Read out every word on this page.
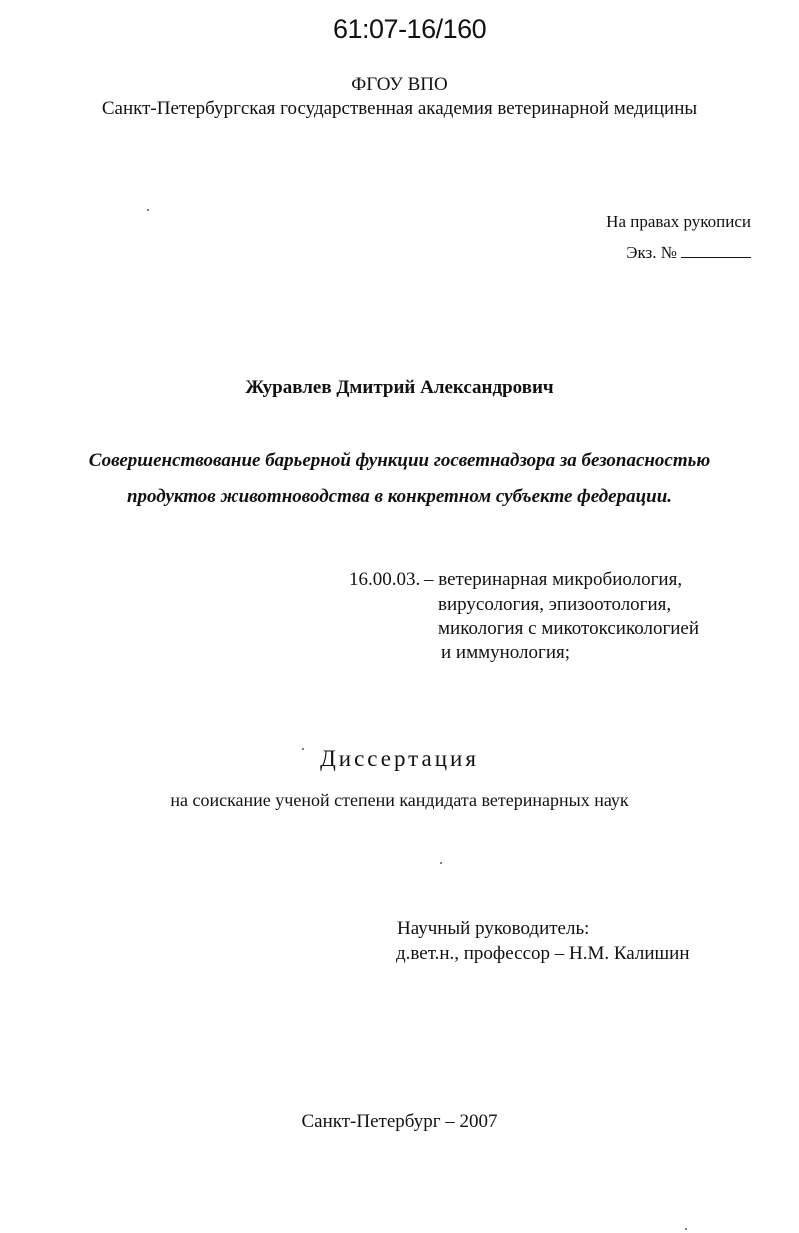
61:07-16/160
ФГОУ ВПО
Санкт-Петербургская государственная академия ветеринарной медицины
На правах рукописи
Экз. №
Журавлев Дмитрий Александрович
Совершенствование барьерной функции госветнадзора за безопасностью
продуктов животноводства в конкретном субъекте федерации.
16.00.03. – ветеринарная микробиология,
вирусология, эпизоотология,
микология с микотоксикологией
и иммунология;
Диссертация
на соискание ученой степени кандидата ветеринарных наук
Научный руководитель:
д.вет.н., профессор – Н.М. Калишин
Санкт-Петербург – 2007
